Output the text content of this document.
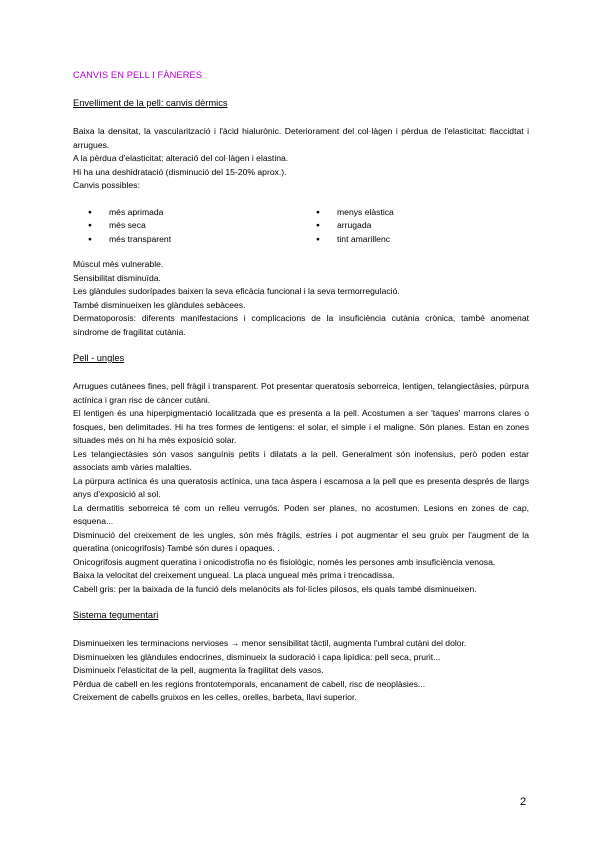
CANVIS EN PELL I FÀNERES
Envelliment de la pell: canvis dèrmics

Baixa la densitat, la vascularització i l'àcid hialurònic. Deteriorament del col·làgen i pèrdua de l'elasticitat: flaccidtat i arrugues.

A la pèrdua d'elasticitat: alteració del col·làgen i elastina.

Hi ha una deshidratació (disminució del 15-20% aprox.).

Canvis possibles:

● més aprimada
● més seca
● més transparent
● menys elàstica
● arrugada
● tint amarillenc

Múscul més vulnerable.

Sensibilitat disminuïda.

Les glàndules sudorípades baixen la seva eficàcia funcional i la seva termorregulació.

També disminueixen les glàndules sebàcees.

Dermatoporosis: diferents manifestacions i complicacions de la insuficiència cutània crònica, també anomenat síndrome de fragilitat cutània.

Pell - ungles

Arrugues cutànees fines, pell fràgil i transparent. Pot presentar queratosis seborreica, lentigen, telangiectàsies, púrpura actínica i gran risc de càncer cutàni.

El lentigen és una hiperpigmentació localitzada que es presenta a la pell. Acostumen a ser 'taques' marrons clares o fosques, ben delimitades. Hi ha tres formes de lentigens: el solar, el simple i el maligne. Són planes. Estan en zones situades més on hi ha més exposició solar.

Les telangiectàsies són vasos sanguínis petits i dilatats a la pell. Generalment són inofensius, però poden estar associats amb vàries malalties.

La púrpura actínica és una queratosis actínica, una taca àspera i escamosa a la pell que es presenta després de llargs anys d'exposició al sol.

La dermatitis seborreica té com un relleu verrugós. Poden ser planes, no acostumen. Lesions en zones de cap, esquena...

Disminució del creixement de les ungles, són més fràgils, estríes i pot augmentar el seu gruix per l'augment de la queratina (onicogrifosis) També són dures i opaques. .

Onicogrifosis augment queratina i onicodistrofia no és fisiològic, només les persones amb insuficiència venosa.

Baixa la velocitat del creixement ungueal. La placa ungueal més prima i trencadissa.

Cabell gris: per la baixada de la funció dels melanòcits als fol·lícles pilosos, els quals també disminueixen.

Sistema tegumentari

Disminueixen les terminacions nervioses → menor sensibilitat tàctil, augmenta l'umbral cutàni del dolor.

Disminueixen les glàndules endocrines, disminueix la sudoració i capa lipídica: pell seca, prurit...

Disminueix l'elasticitat de la pell, augmenta la fragilitat dels vasos.

Pèrdua de cabell en les regions frontotemporals, encanament de cabell, risc de neoplàsies...

Creixement de cabells gruixos en les celles, orelles, barbeta, llavi superior.

2
